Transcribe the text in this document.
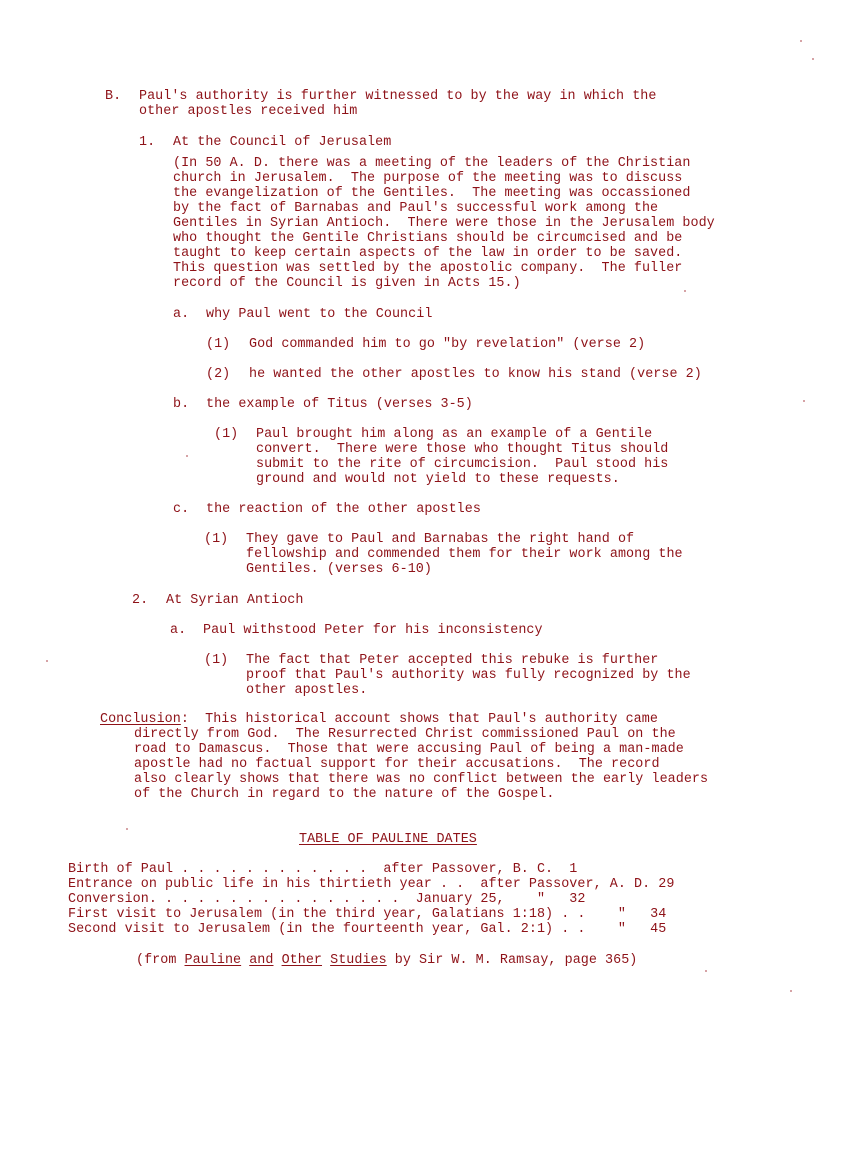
B. Paul's authority is further witnessed to by the way in which the
other apostles received him
1. At the Council of Jerusalem
(In 50 A. D. there was a meeting of the leaders of the Christian
church in Jerusalem.  The purpose of the meeting was to discuss
the evangelization of the Gentiles.  The meeting was occassioned
by the fact of Barnabas and Paul's successful work among the
Gentiles in Syrian Antioch.  There were those in the Jerusalem body
who thought the Gentile Christians should be circumcised and be
taught to keep certain aspects of the law in order to be saved.
This question was settled by the apostolic company.  The fuller
record of the Council is given in Acts 15.)
a. why Paul went to the Council
(1) God commanded him to go "by revelation" (verse 2)
(2) he wanted the other apostles to know his stand (verse 2)
b. the example of Titus (verses 3-5)
(1) Paul brought him along as an example of a Gentile
convert.  There were those who thought Titus should
submit to the rite of circumcision.  Paul stood his
ground and would not yield to these requests.
c. the reaction of the other apostles
(1) They gave to Paul and Barnabas the right hand of
fellowship and commended them for their work among the
Gentiles. (verses 6-10)
2. At Syrian Antioch
a. Paul withstood Peter for his inconsistency
(1) The fact that Peter accepted this rebuke is further
proof that Paul's authority was fully recognized by the
other apostles.
Conclusion: This historical account shows that Paul's authority came
directly from God.  The Resurrected Christ commissioned Paul on the
road to Damascus.  Those that were accusing Paul of being a man-made
apostle had no factual support for their accusations.  The record
also clearly shows that there was no conflict between the early leaders
of the Church in regard to the nature of the Gospel.
TABLE OF PAULINE DATES
Birth of Paul . . . . . . . . . . . .  after Passover, B. C.  1
Entrance on public life in his thirtieth year . .  after Passover, A. D. 29
Conversion. . . . . . . . . . . . . . . .  January 25,    "   32
First visit to Jerusalem (in the third year, Galatians 1:18) . .    "   34
Second visit to Jerusalem (in the fourteenth year, Gal. 2:1) . .    "   45
(from Pauline and Other Studies by Sir W. M. Ramsay, page 365)
